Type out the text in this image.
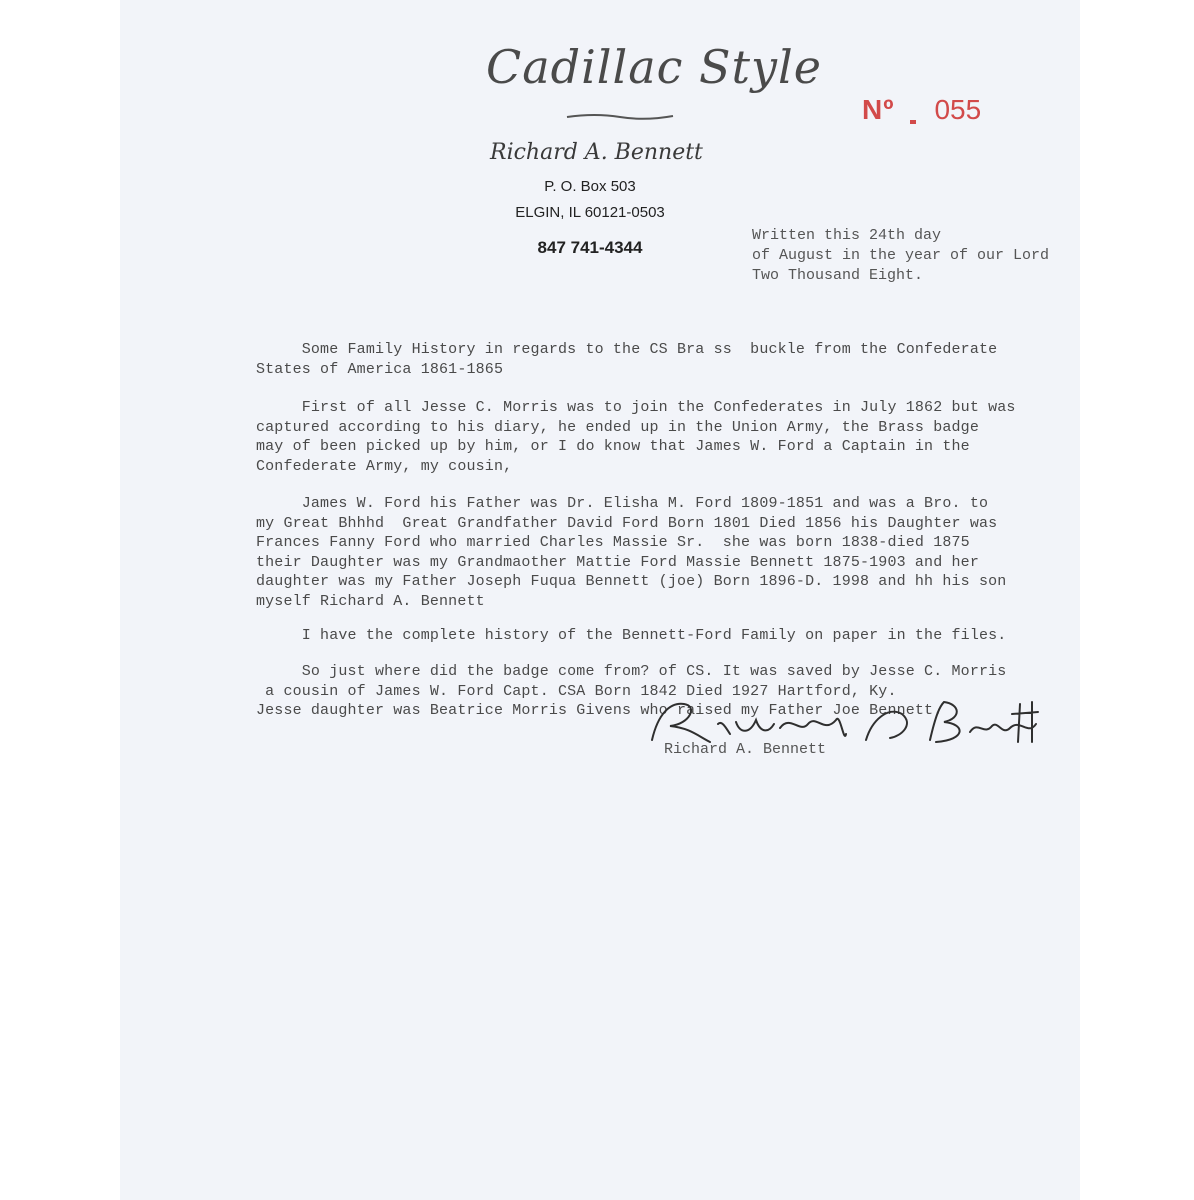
Cadillac Style
Nº 055
Richard A. Bennett
P. O. Box 503
ELGIN, IL 60121-0503
847 741-4344
Written this 24th day
of August in the year of our Lord
Two Thousand Eight.
Some Family History in regards to the CS Bra ss  buckle from the Confederate
States of America 1861-1865
First of all Jesse C. Morris was to join the Confederates in July 1862 but was
captured according to his diary, he ended up in the Union Army, the Brass badge
may of been picked up by him, or I do know that James W. Ford a Captain in the
Confederate Army, my cousin,
James W. Ford his Father was Dr. Elisha M. Ford 1809-1851 and was a Bro. to
my Great Bhhhd  Great Grandfather David Ford Born 1801 Died 1856 his Daughter was
Frances Fanny Ford who married Charles Massie Sr.  she was born 1838-died 1875
their Daughter was my Grandmaother Mattie Ford Massie Bennett 1875-1903 and her
daughter was my Father Joseph Fuqua Bennett (joe) Born 1896-D. 1998 and hh his son
myself Richard A. Bennett
I have the complete history of the Bennett-Ford Family on paper in the files.
So just where did the badge come from? of CS. It was saved by Jesse C. Morris
a cousin of James W. Ford Capt. CSA Born 1842 Died 1927 Hartford, Ky.
Jesse daughter was Beatrice Morris Givens who raised my Father Joe Bennett.
Richard A. Bennett
